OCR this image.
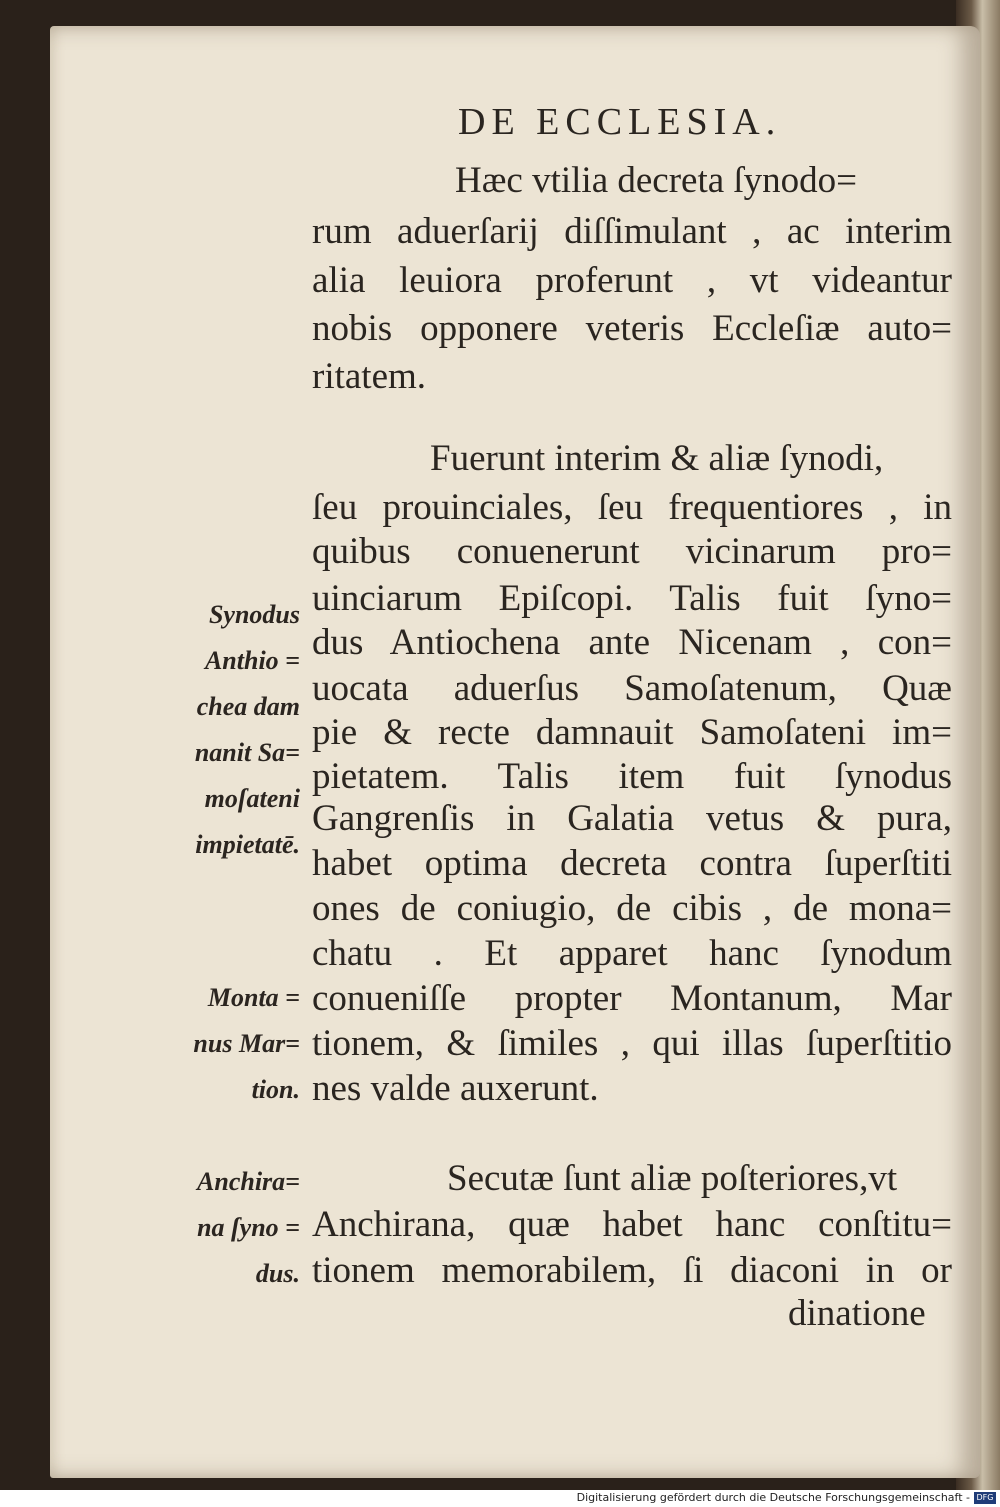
DE ECCLESIA.
Hæc vtilia decreta ſynodo=
rum aduerſarij diſſimulant , ac interim
alia leuiora proferunt , vt videantur
nobis opponere veteris Eccleſiæ auto=
ritatem.
Fuerunt interim & aliæ ſynodi,
ſeu prouinciales, ſeu frequentiores , in
quibus conuenerunt vicinarum pro=
uinciarum Epiſcopi. Talis fuit ſyno=
dus Antiochena ante Nicenam , con=
uocata aduerſus Samoſatenum, Quæ
pie & recte damnauit Samoſateni im=
pietatem. Talis item fuit ſynodus
Gangrenſis in Galatia vetus & pura,
habet optima decreta contra ſuperſtiti
ones de coniugio, de cibis , de mona=
chatu . Et apparet hanc ſynodum
conueniſſe propter Montanum, Mar
tionem, & ſimiles , qui illas ſuperſtitio
nes valde auxerunt.
Secutæ ſunt aliæ poſteriores,vt
Anchirana, quæ habet hanc conſtitu=
tionem memorabilem, ſi diaconi in or
dinatione
Synodus
Anthio =
chea dam
nanit Sa=
moſateni
impietatē.
Monta =
nus Mar=
tion.
Anchira=
na ſyno =
dus.
Digitalisierung gefördert durch die Deutsche Forschungsgemeinschaft - DFG
